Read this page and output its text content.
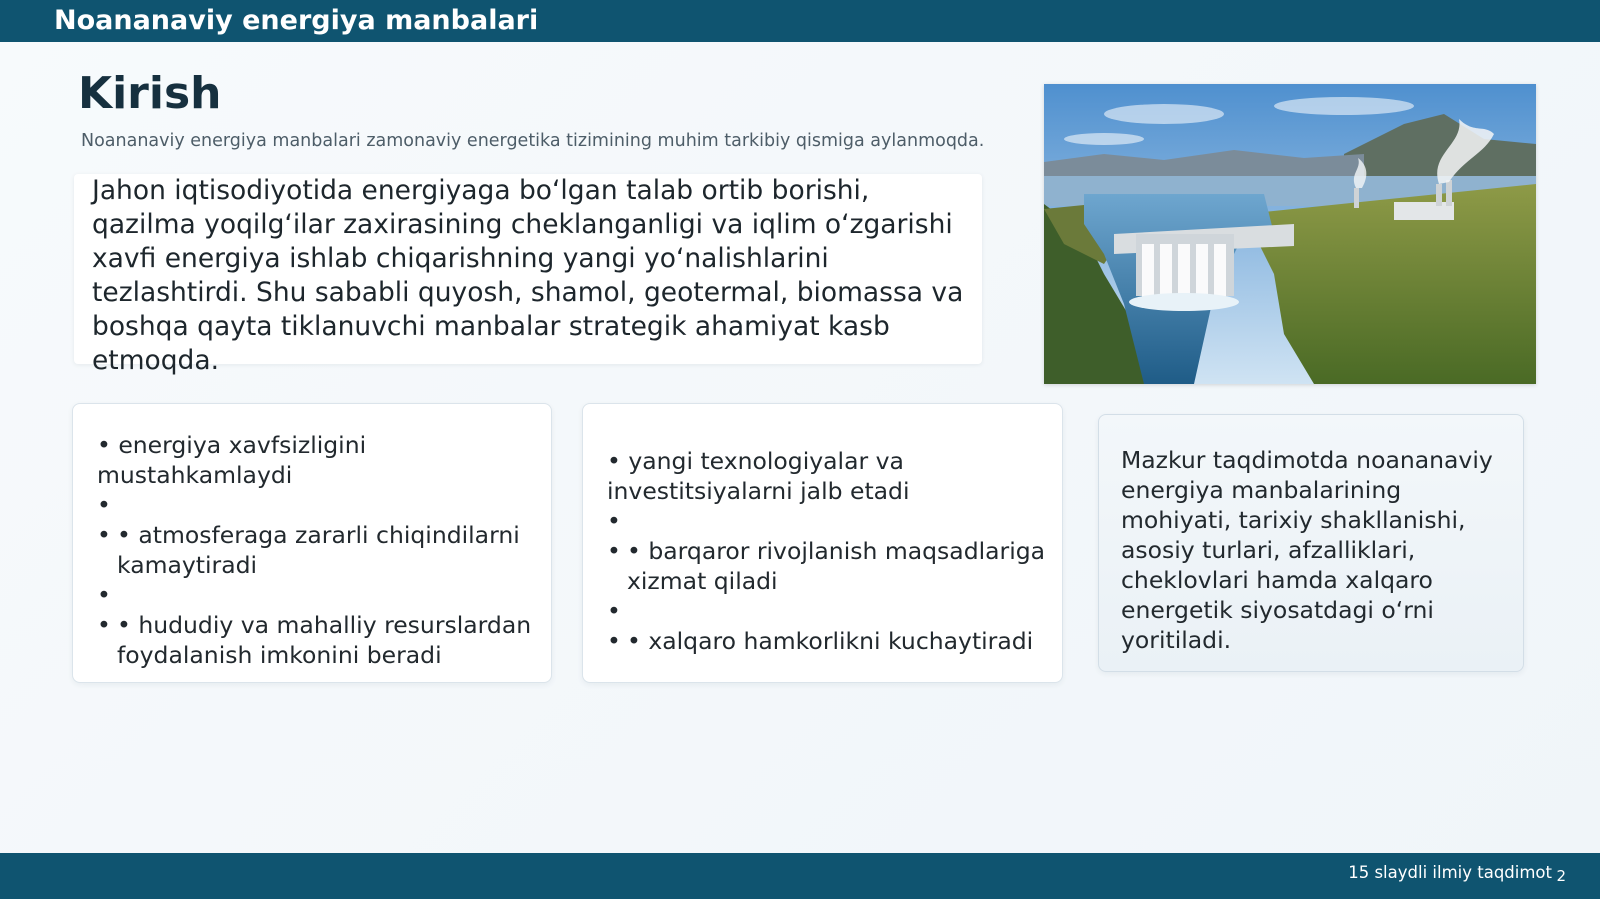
Noananaviy energiya manbalari
Kirish
Noananaviy energiya manbalari zamonaviy energetika tizimining muhim tarkibiy qismiga aylanmoqda.
Jahon iqtisodiyotida energiyaga bo‘lgan talab ortib borishi, qazilma yoqilg‘ilar zaxirasining cheklanganligi va iqlim o‘zgarishi xavfi energiya ishlab chiqarishning yangi yo‘nalishlarini tezlashtirdi. Shu sababli quyosh, shamol, geotermal, biomassa va boshqa qayta tiklanuvchi manbalar strategik ahamiyat kasb etmoqda.
• energiya xavfsizligini mustahkamlaydi
•
• • atmosferaga zararli chiqindilarni kamaytiradi
•
• • hududiy va mahalliy resurslardan foydalanish imkonini beradi
• yangi texnologiyalar va investitsiyalarni jalb etadi
•
• • barqaror rivojlanish maqsadlariga xizmat qiladi
•
• • xalqaro hamkorlikni kuchaytiradi
Mazkur taqdimotda noananaviy energiya manbalarining mohiyati, tarixiy shakllanishi, asosiy turlari, afzalliklari, cheklovlari hamda xalqaro energetik siyosatdagi o‘rni yoritiladi.
15 slaydli ilmiy taqdimot 2
